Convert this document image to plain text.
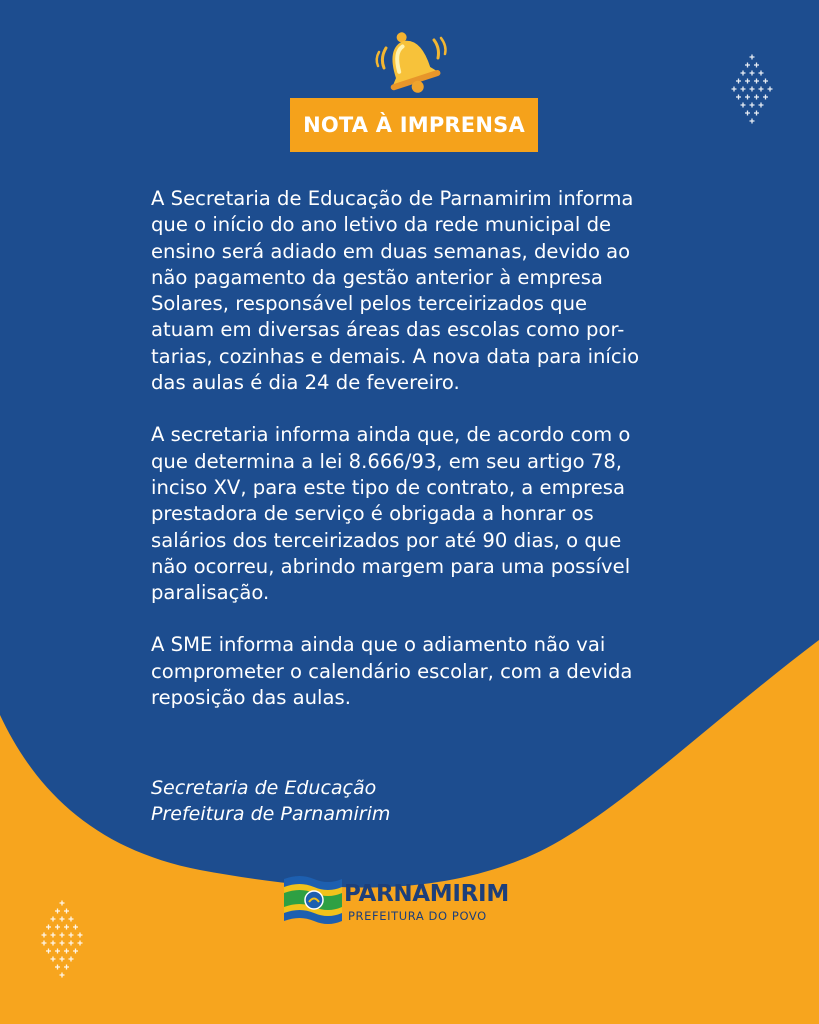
NOTA À IMPRENSA

A Secretaria de Educação de Parnamirim informa
que o início do ano letivo da rede municipal de
ensino será adiado em duas semanas, devido ao
não pagamento da gestão anterior à empresa
Solares, responsável pelos terceirizados que
atuam em diversas áreas das escolas como por-
tarias, cozinhas e demais. A nova data para início
das aulas é dia 24 de fevereiro.

A secretaria informa ainda que, de acordo com o
que determina a lei 8.666/93, em seu artigo 78,
inciso XV, para este tipo de contrato, a empresa
prestadora de serviço é obrigada a honrar os
salários dos terceirizados por até 90 dias, o que
não ocorreu, abrindo margem para uma possível
paralisação.

A SME informa ainda que o adiamento não vai
comprometer o calendário escolar, com a devida
reposição das aulas.

Secretaria de Educação
Prefeitura de Parnamirim
PARNAMIRIM
PREFEITURA DO POVO
